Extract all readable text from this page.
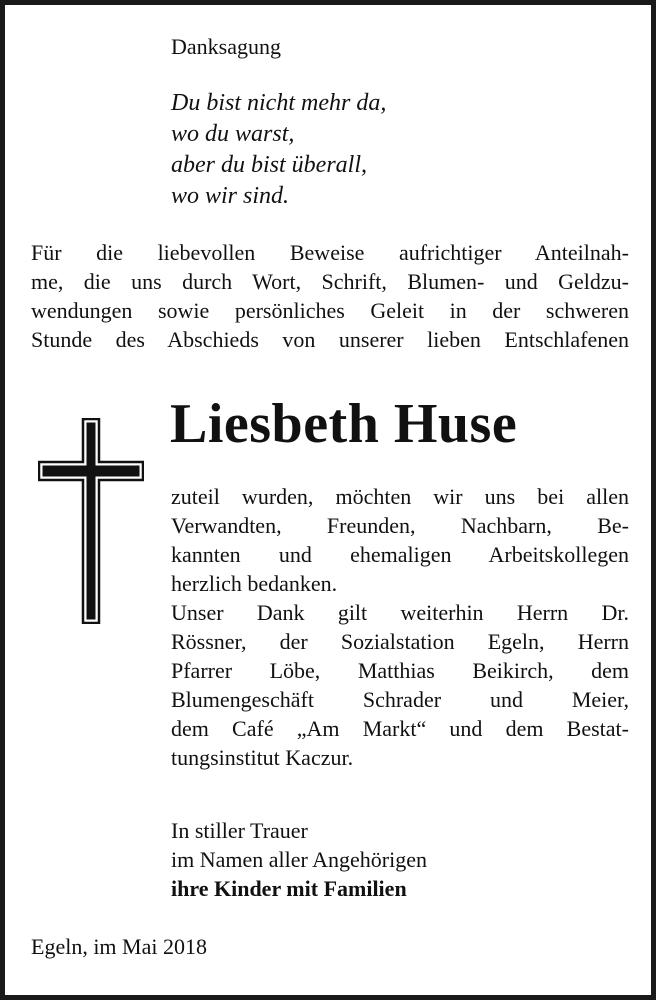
Danksagung
Du bist nicht mehr da,
wo du warst,
aber du bist überall,
wo wir sind.
Für die liebevollen Beweise aufrichtiger Anteilnah-
me, die uns durch Wort, Schrift, Blumen- und Geldzu-
wendungen sowie persönliches Geleit in der schweren
Stunde des Abschieds von unserer lieben Entschlafenen
Liesbeth Huse
zuteil wurden, möchten wir uns bei allen
Verwandten, Freunden, Nachbarn, Be-
kannten und ehemaligen Arbeitskollegen
herzlich bedanken.
Unser Dank gilt weiterhin Herrn Dr.
Rössner, der Sozialstation Egeln, Herrn
Pfarrer Löbe, Matthias Beikirch, dem
Blumengeschäft Schrader und Meier,
dem Café „Am Markt“ und dem Bestat-
tungsinstitut Kaczur.
In stiller Trauer
im Namen aller Angehörigen
ihre Kinder mit Familien
Egeln, im Mai 2018
